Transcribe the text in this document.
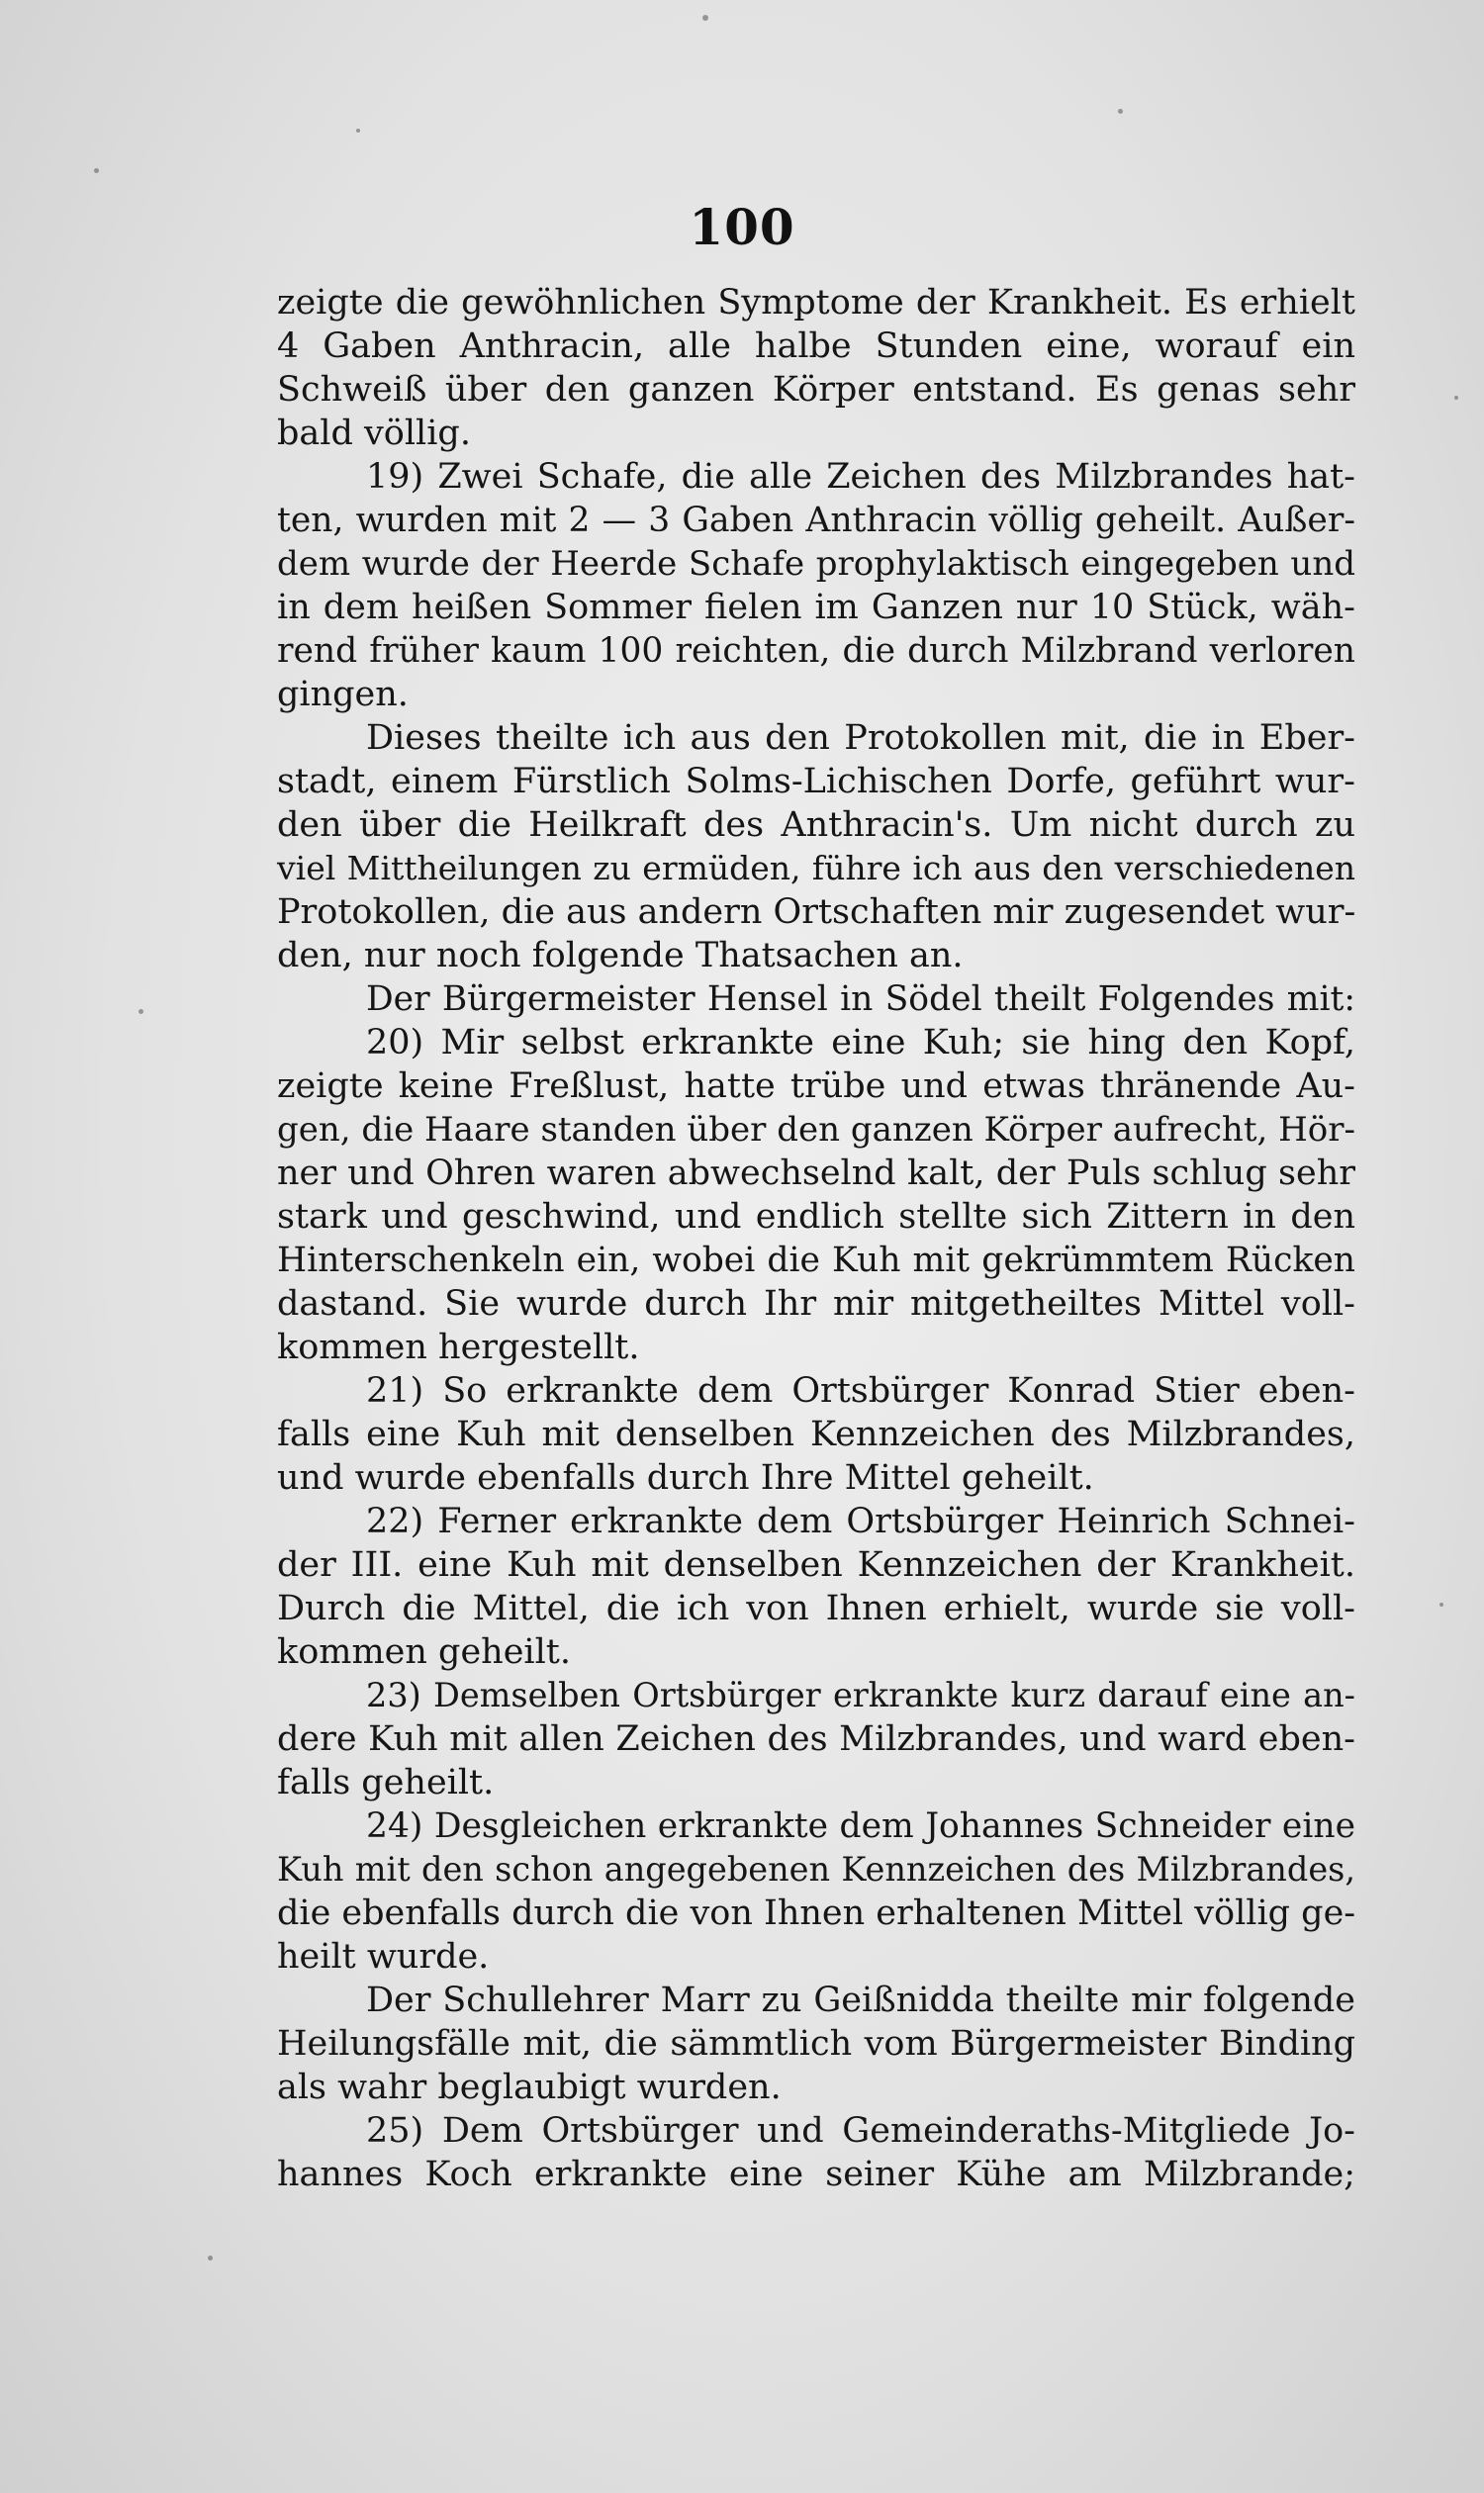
100
zeigte die gewöhnlichen Symptome der Krankheit. Es erhielt
4 Gaben Anthracin, alle halbe Stunden eine, worauf ein
Schweiß über den ganzen Körper entstand. Es genas sehr
bald völlig.
19) Zwei Schafe, die alle Zeichen des Milzbrandes hat-
ten, wurden mit 2 — 3 Gaben Anthracin völlig geheilt. Außer-
dem wurde der Heerde Schafe prophylaktisch eingegeben und
in dem heißen Sommer fielen im Ganzen nur 10 Stück, wäh-
rend früher kaum 100 reichten, die durch Milzbrand verloren
gingen.
Dieses theilte ich aus den Protokollen mit, die in Eber-
stadt, einem Fürstlich Solms-Lichischen Dorfe, geführt wur-
den über die Heilkraft des Anthracin's. Um nicht durch zu
viel Mittheilungen zu ermüden, führe ich aus den verschiedenen
Protokollen, die aus andern Ortschaften mir zugesendet wur-
den, nur noch folgende Thatsachen an.
Der Bürgermeister Hensel in Södel theilt Folgendes mit:
20) Mir selbst erkrankte eine Kuh; sie hing den Kopf,
zeigte keine Freßlust, hatte trübe und etwas thränende Au-
gen, die Haare standen über den ganzen Körper aufrecht, Hör-
ner und Ohren waren abwechselnd kalt, der Puls schlug sehr
stark und geschwind, und endlich stellte sich Zittern in den
Hinterschenkeln ein, wobei die Kuh mit gekrümmtem Rücken
dastand. Sie wurde durch Ihr mir mitgetheiltes Mittel voll-
kommen hergestellt.
21) So erkrankte dem Ortsbürger Konrad Stier eben-
falls eine Kuh mit denselben Kennzeichen des Milzbrandes,
und wurde ebenfalls durch Ihre Mittel geheilt.
22) Ferner erkrankte dem Ortsbürger Heinrich Schnei-
der III. eine Kuh mit denselben Kennzeichen der Krankheit.
Durch die Mittel, die ich von Ihnen erhielt, wurde sie voll-
kommen geheilt.
23) Demselben Ortsbürger erkrankte kurz darauf eine an-
dere Kuh mit allen Zeichen des Milzbrandes, und ward eben-
falls geheilt.
24) Desgleichen erkrankte dem Johannes Schneider eine
Kuh mit den schon angegebenen Kennzeichen des Milzbrandes,
die ebenfalls durch die von Ihnen erhaltenen Mittel völlig ge-
heilt wurde.
Der Schullehrer Marr zu Geißnidda theilte mir folgende
Heilungsfälle mit, die sämmtlich vom Bürgermeister Binding
als wahr beglaubigt wurden.
25) Dem Ortsbürger und Gemeinderaths-Mitgliede Jo-
hannes Koch erkrankte eine seiner Kühe am Milzbrande;
